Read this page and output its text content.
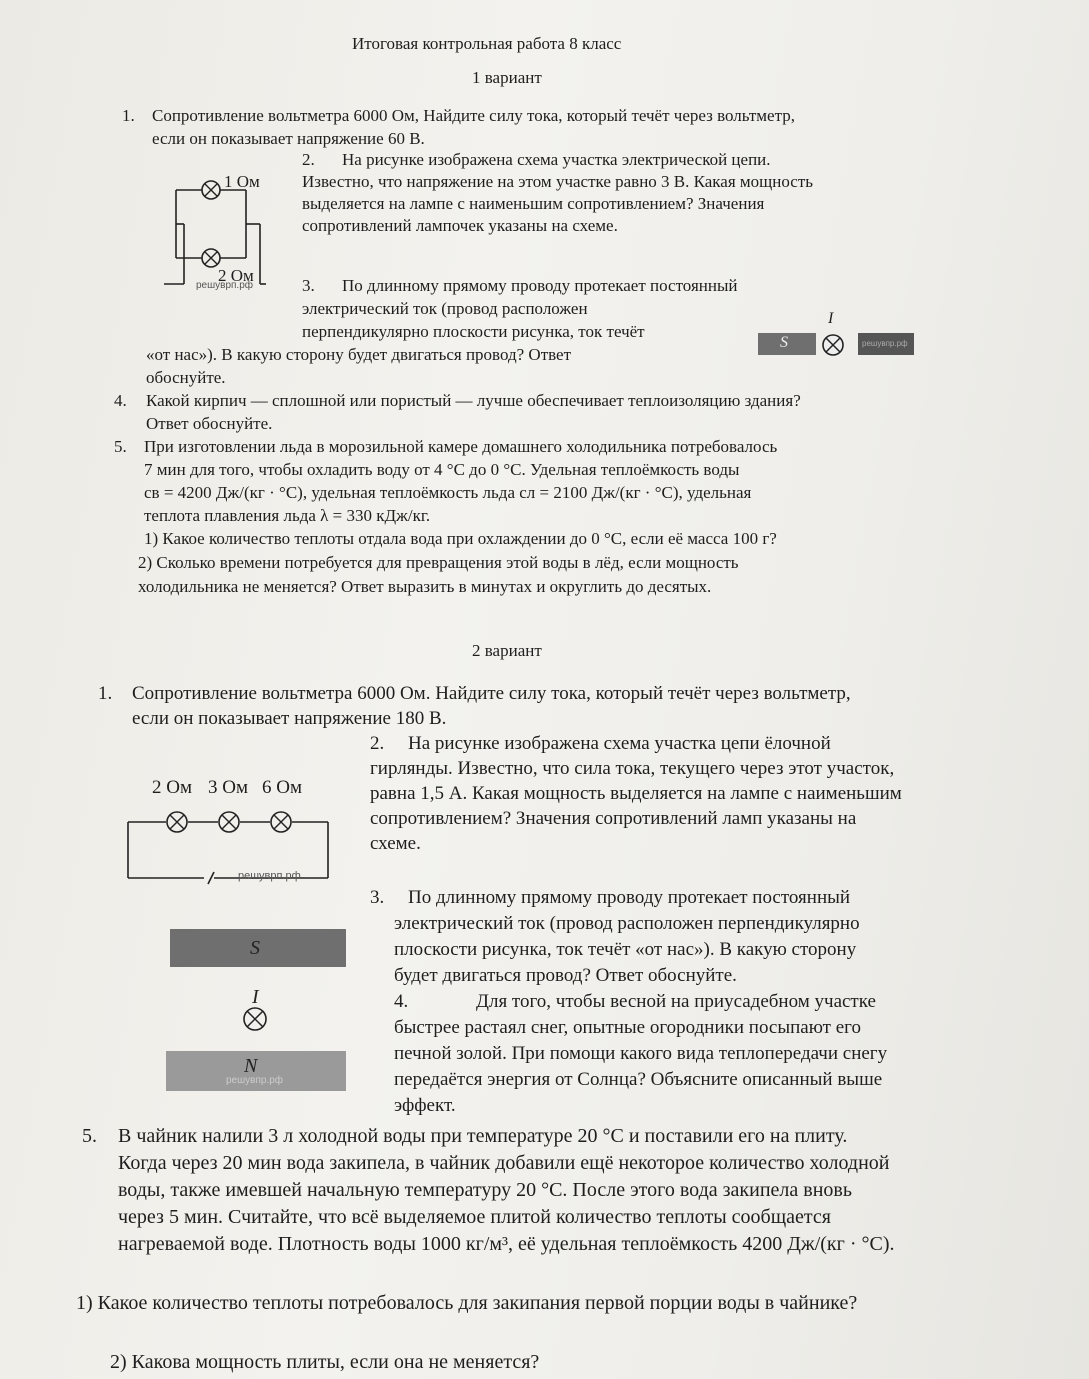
Итоговая контрольная работа 8 класс
1 вариант
1. Сопротивление вольтметра 6000 Ом, Найдите силу тока, который течёт через вольтметр,
если он показывает напряжение 60 В.
2. На рисунке изображена схема участка электрической цепи.
Известно, что напряжение на этом участке равно 3 В. Какая мощность
выделяется на лампе с наименьшим сопротивлением? Значения
сопротивлений лампочек указаны на схеме.
1 Ом
2 Ом
решуврп.рф	3. По длинному прямому проводу протекает постоянный
электрический ток (провод расположен
перпендикулярно плоскости рисунка, ток течёт
«от нас»). В какую сторону будет двигаться провод? Ответ
обоснуйте.
S	решувпр.рф
I
4. Какой кирпич — сплошной или пористый — лучше обеспечивает теплоизоляцию здания?
Ответ обоснуйте.
5. При изготовлении льда в морозильной камере домашнего холодильника потребовалось
7 мин для того, чтобы охладить воду от 4 °С до 0 °С. Удельная теплоёмкость воды
cв = 4200 Дж/(кг · °С), удельная теплоёмкость льда cл = 2100 Дж/(кг · °С), удельная
теплота плавления льда λ = 330 кДж/кг.
1) Какое количество теплоты отдала вода при охлаждении до 0 °С, если её масса 100 г?
2) Сколько времени потребуется для превращения этой воды в лёд, если мощность
холодильника не меняется? Ответ выразить в минутах и округлить до десятых.
2 вариант
1. Сопротивление вольтметра 6000 Ом. Найдите силу тока, который течёт через вольтметр,
если он показывает напряжение 180 В.
2. На рисунке изображена схема участка цепи ёлочной
гирлянды. Известно, что сила тока, текущего через этот участок,
равна 1,5 А. Какая мощность выделяется на лампе с наименьшим
сопротивлением? Значения сопротивлений ламп указаны на
схеме.
2 Ом 3 Ом 6 Ом
решуврп.рф
3. По длинному прямому проводу протекает постоянный
электрический ток (провод расположен перпендикулярно
плоскости рисунка, ток течёт «от нас»). В какую сторону
будет двигаться провод? Ответ обоснуйте.
S
I
N
решувпр.рф
4.	Для того, чтобы весной на приусадебном участке
быстрее растаял снег, опытные огородники посыпают его
печной золой. При помощи какого вида теплопередачи снегу
передаётся энергия от Солнца? Объясните описанный выше
эффект.
5. В чайник налили 3 л холодной воды при температуре 20 °С и поставили его на плиту.
Когда через 20 мин вода закипела, в чайник добавили ещё некоторое количество холодной
воды, также имевшей начальную температуру 20 °С. После этого вода закипела вновь
через 5 мин. Считайте, что всё выделяемое плитой количество теплоты сообщается
нагреваемой воде. Плотность воды 1000 кг/м³, её удельная теплоёмкость 4200 Дж/(кг · °С).
1) Какое количество теплоты потребовалось для закипания первой порции воды в чайнике?
2) Какова мощность плиты, если она не меняется?
